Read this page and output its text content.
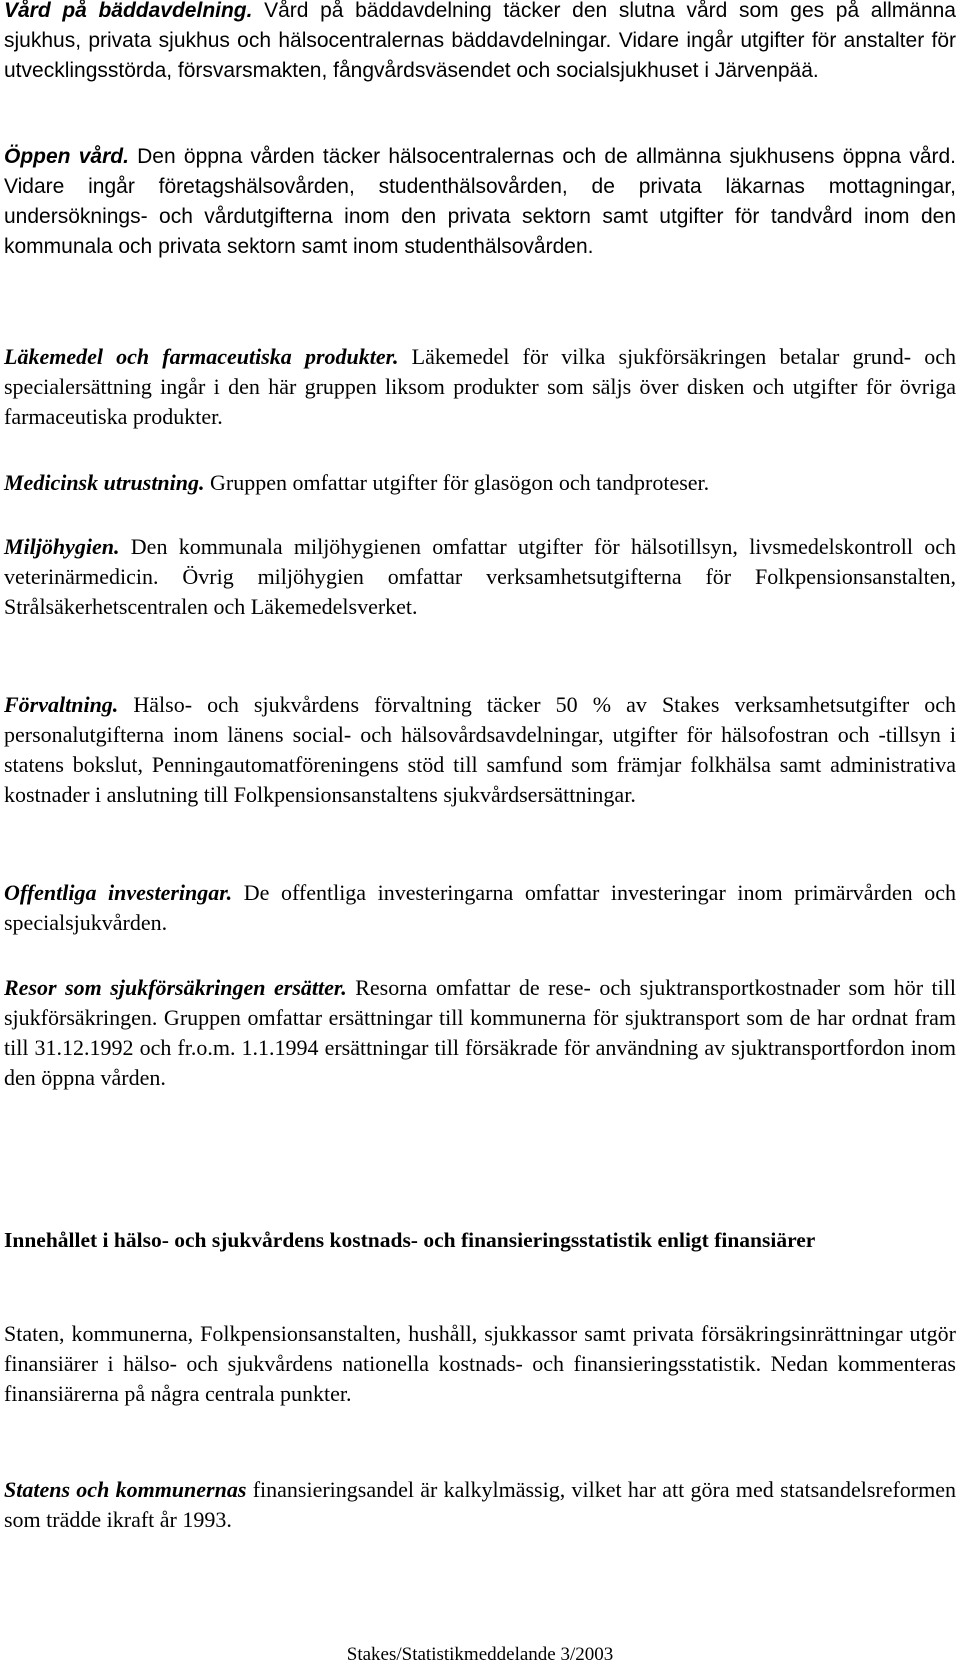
Vård på bäddavdelning. Vård på bäddavdelning täcker den slutna vård som ges på allmänna sjukhus, privata sjukhus och hälsocentralernas bäddavdelningar. Vidare ingår utgifter för anstalter för utvecklingsstörda, försvarsmakten, fångvårdsväsendet och socialsjukhuset i Järvenpää.

Öppen vård. Den öppna vården täcker hälsocentralernas och de allmänna sjukhusens öppna vård. Vidare ingår företagshälsovården, studenthälsovården, de privata läkarnas mottagningar, undersöknings- och vårdutgifterna inom den privata sektorn samt utgifter för tandvård inom den kommunala och privata sektorn samt inom studenthälsovården.

Läkemedel och farmaceutiska produkter. Läkemedel för vilka sjukförsäkringen betalar grund- och specialersättning ingår i den här gruppen liksom produkter som säljs över disken och utgifter för övriga farmaceutiska produkter.

Medicinsk utrustning. Gruppen omfattar utgifter för glasögon och tandproteser.

Miljöhygien. Den kommunala miljöhygienen omfattar utgifter för hälsotillsyn, livsmedelskontroll och veterinärmedicin. Övrig miljöhygien omfattar verksamhetsutgifterna för Folkpensionsanstalten, Strålsäkerhetscentralen och Läkemedelsverket.

Förvaltning. Hälso- och sjukvårdens förvaltning täcker 50 % av Stakes verksamhetsutgifter och personalutgifterna inom länens social- och hälsovårdsavdelningar, utgifter för hälsofostran och -tillsyn i statens bokslut, Penningautomatföreningens stöd till samfund som främjar folkhälsa samt administrativa kostnader i anslutning till Folkpensionsanstaltens sjukvårdsersättningar.

Offentliga investeringar. De offentliga investeringarna omfattar investeringar inom primärvården och specialsjukvården.

Resor som sjukförsäkringen ersätter. Resorna omfattar de rese- och sjuktransportkostnader som hör till sjukförsäkringen. Gruppen omfattar ersättningar till kommunerna för sjuktransport som de har ordnat fram till 31.12.1992 och fr.o.m. 1.1.1994 ersättningar till försäkrade för användning av sjuktransportfordon inom den öppna vården.

Innehållet i hälso- och sjukvårdens kostnads- och finansieringsstatistik enligt finansiärer

Staten, kommunerna, Folkpensionsanstalten, hushåll, sjukkassor samt privata försäkringsinrättningar utgör finansiärer i hälso- och sjukvårdens nationella kostnads- och finansieringsstatistik. Nedan kommenteras finansiärerna på några centrala punkter.

Statens och kommunernas finansieringsandel är kalkylmässig, vilket har att göra med statsandelsreformen som trädde ikraft år 1993.

Stakes/Statistikmeddelande 3/2003
